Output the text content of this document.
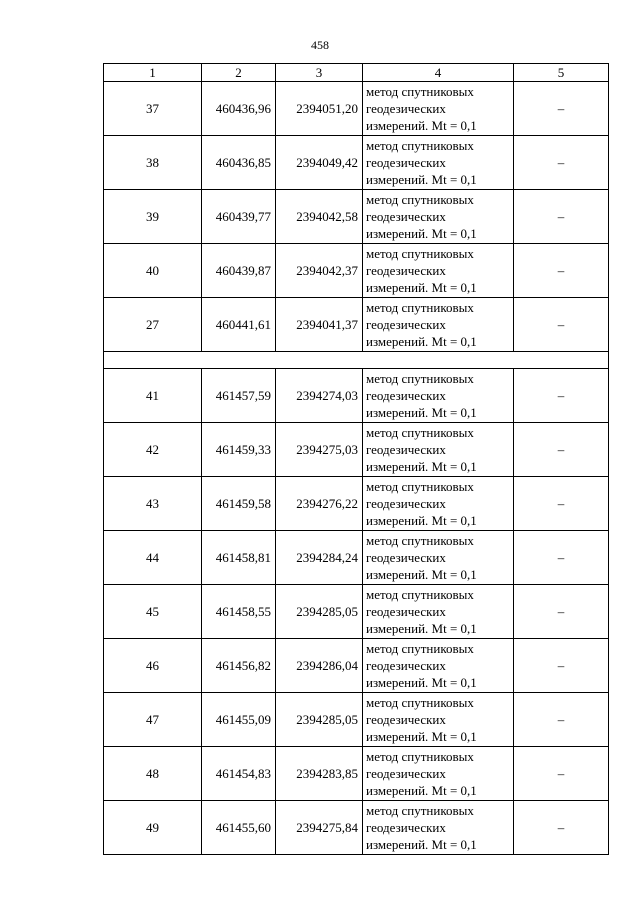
458
1	2	3	4	5
37	460436,96	2394051,20	метод спутниковых
геодезических
измерений. Mt = 0,1	–
38	460436,85	2394049,42	метод спутниковых
геодезических
измерений. Mt = 0,1	–
39	460439,77	2394042,58	метод спутниковых
геодезических
измерений. Mt = 0,1	–
40	460439,87	2394042,37	метод спутниковых
геодезических
измерений. Mt = 0,1	–
27	460441,61	2394041,37	метод спутниковых
геодезических
измерений. Mt = 0,1	–

41	461457,59	2394274,03	метод спутниковых
геодезических
измерений. Mt = 0,1	–
42	461459,33	2394275,03	метод спутниковых
геодезических
измерений. Mt = 0,1	–
43	461459,58	2394276,22	метод спутниковых
геодезических
измерений. Mt = 0,1	–
44	461458,81	2394284,24	метод спутниковых
геодезических
измерений. Mt = 0,1	–
45	461458,55	2394285,05	метод спутниковых
геодезических
измерений. Mt = 0,1	–
46	461456,82	2394286,04	метод спутниковых
геодезических
измерений. Mt = 0,1	–
47	461455,09	2394285,05	метод спутниковых
геодезических
измерений. Mt = 0,1	–
48	461454,83	2394283,85	метод спутниковых
геодезических
измерений. Mt = 0,1	–
49	461455,60	2394275,84	метод спутниковых
геодезических
измерений. Mt = 0,1	–
